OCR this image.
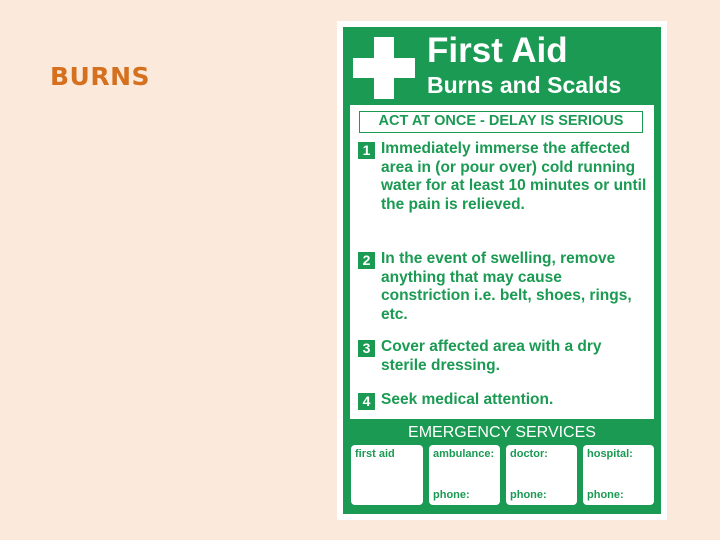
BURNS
First Aid
Burns and Scalds
ACT AT ONCE - DELAY IS SERIOUS
1 Immediately immerse the affected area in (or pour over) cold running water for at least 10 minutes or until the pain is relieved.
2 In the event of swelling, remove anything that may cause constriction i.e. belt, shoes, rings, etc.
3 Cover affected area with a dry sterile dressing.
4 Seek medical attention.
EMERGENCY SERVICES
first aid	ambulance:
phone:
doctor:
phone:
hospital:
phone:
